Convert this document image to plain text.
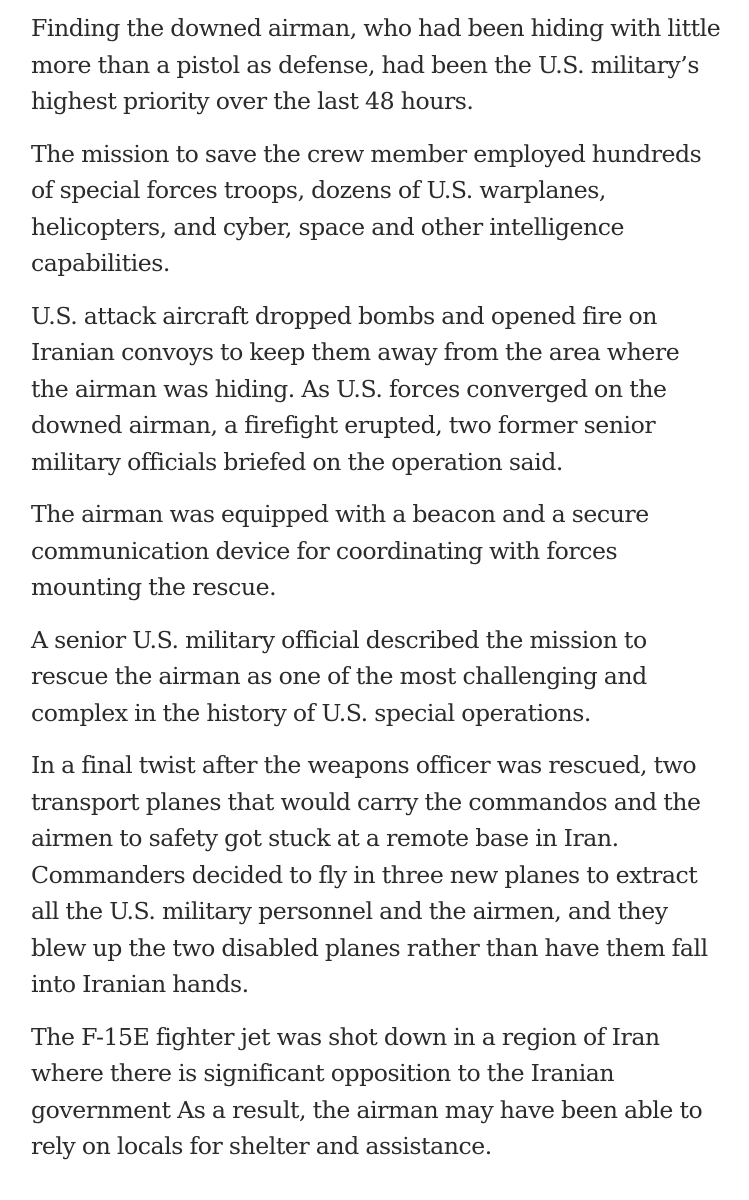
Finding the downed airman, who had been hiding with little more than a pistol as defense, had been the U.S. military’s highest priority over the last 48 hours.

The mission to save the crew member employed hundreds of special forces troops, dozens of U.S. warplanes, helicopters, and cyber, space and other intelligence capabilities.

U.S. attack aircraft dropped bombs and opened fire on Iranian convoys to keep them away from the area where the airman was hiding. As U.S. forces converged on the downed airman, a firefight erupted, two former senior military officials briefed on the operation said.

The airman was equipped with a beacon and a secure communication device for coordinating with forces mounting the rescue.

A senior U.S. military official described the mission to rescue the airman as one of the most challenging and complex in the history of U.S. special operations.

In a final twist after the weapons officer was rescued, two transport planes that would carry the commandos and the airmen to safety got stuck at a remote base in Iran. Commanders decided to fly in three new planes to extract all the U.S. military personnel and the airmen, and they blew up the two disabled planes rather than have them fall into Iranian hands.

The F-15E fighter jet was shot down in a region of Iran where there is significant opposition to the Iranian government As a result, the airman may have been able to rely on locals for shelter and assistance.
